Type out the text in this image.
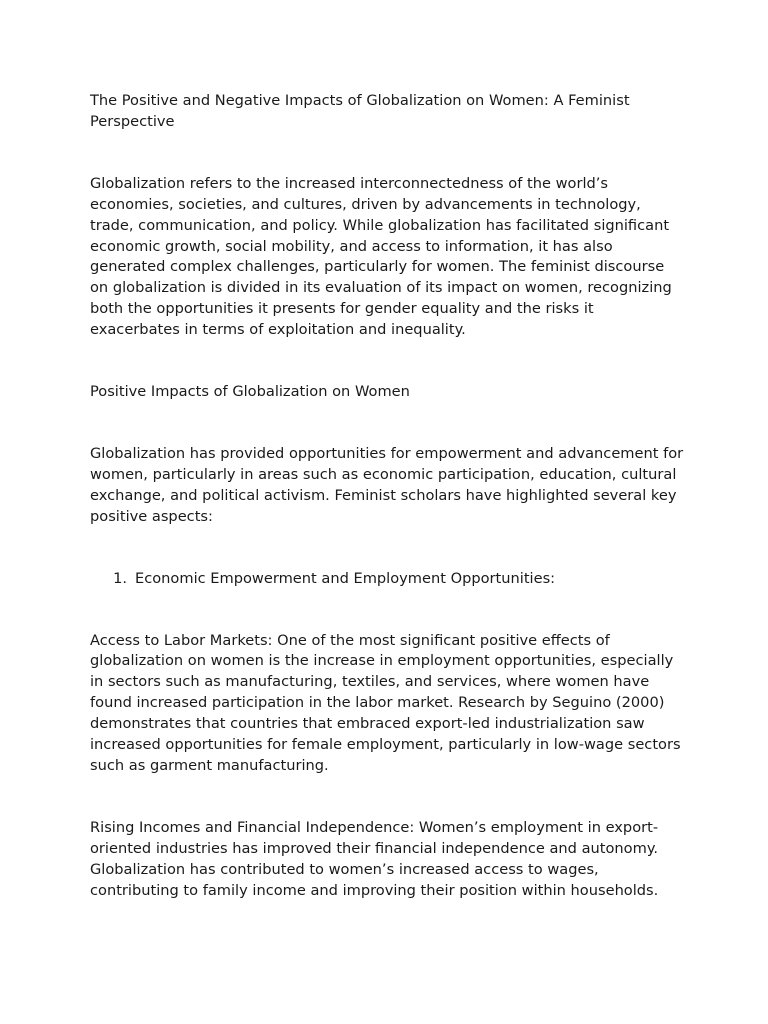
The Positive and Negative Impacts of Globalization on Women: A Feminist Perspective

Globalization refers to the increased interconnectedness of the world’s economies, societies, and cultures, driven by advancements in technology, trade, communication, and policy. While globalization has facilitated significant economic growth, social mobility, and access to information, it has also generated complex challenges, particularly for women. The feminist discourse on globalization is divided in its evaluation of its impact on women, recognizing both the opportunities it presents for gender equality and the risks it exacerbates in terms of exploitation and inequality.

Positive Impacts of Globalization on Women

Globalization has provided opportunities for empowerment and advancement for women, particularly in areas such as economic participation, education, cultural exchange, and political activism. Feminist scholars have highlighted several key positive aspects:

1. Economic Empowerment and Employment Opportunities:

Access to Labor Markets: One of the most significant positive effects of globalization on women is the increase in employment opportunities, especially in sectors such as manufacturing, textiles, and services, where women have found increased participation in the labor market. Research by Seguino (2000) demonstrates that countries that embraced export-led industrialization saw increased opportunities for female employment, particularly in low-wage sectors such as garment manufacturing.

Rising Incomes and Financial Independence: Women’s employment in export-oriented industries has improved their financial independence and autonomy. Globalization has contributed to women’s increased access to wages, contributing to family income and improving their position within households.
